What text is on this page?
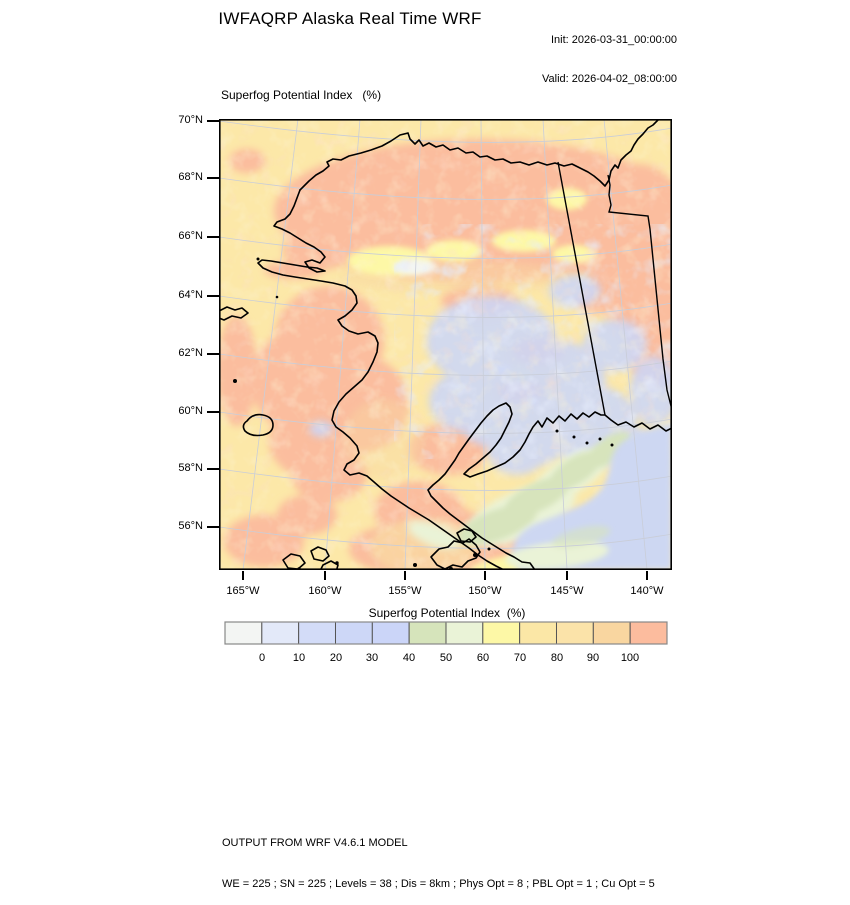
IWFAQRP Alaska Real Time WRF

Init: 2026-03-31_00:00:00

Valid: 2026-04-02_08:00:00

Superfog Potential Index   (%)
70°N
68°N
66°N
64°N
62°N
60°N
58°N
56°N
165°W	160°W	155°W	150°W	145°W	140°W
Superfog Potential Index  (%)
0	10	20	30	40	50	60	70	80	90	100

OUTPUT FROM WRF V4.6.1 MODEL

WE = 225 ; SN = 225 ; Levels = 38 ; Dis = 8km ; Phys Opt = 8 ; PBL Opt = 1 ; Cu Opt = 5
